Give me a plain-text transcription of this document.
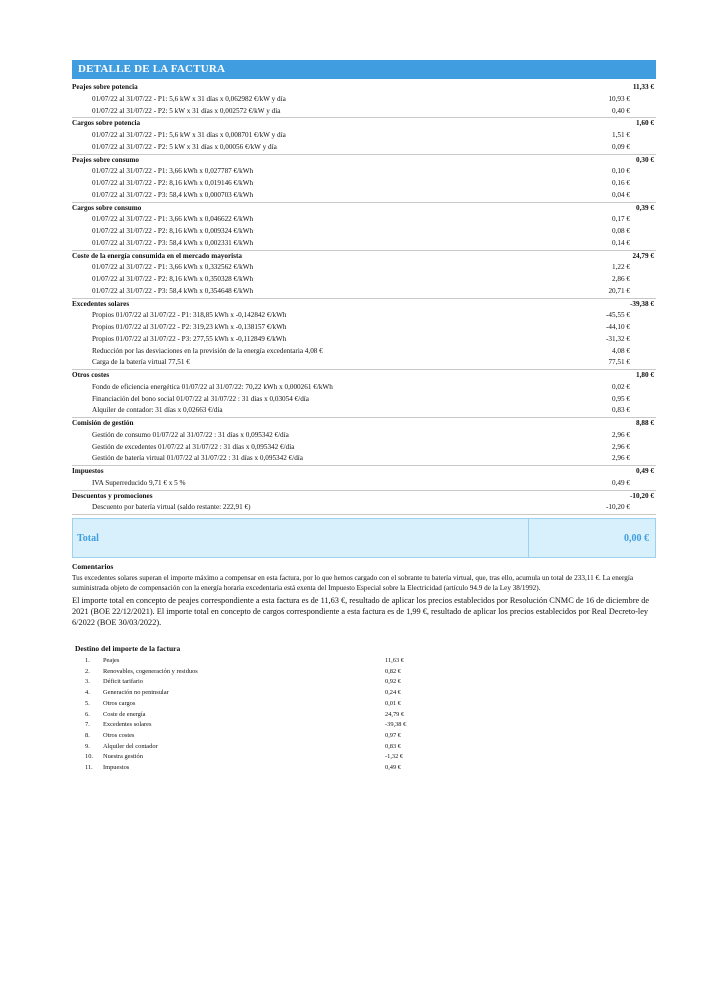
DETALLE DE LA FACTURA
Peajes sobre potencia	11,33 €
01/07/22 al 31/07/22 - P1: 5,6 kW x 31 días x 0,062982 €/kW y día	10,93 €
01/07/22 al 31/07/22 - P2: 5 kW x 31 días x 0,002572 €/kW y día	0,40 €
Cargos sobre potencia	1,60 €
01/07/22 al 31/07/22 - P1: 5,6 kW x 31 días x 0,008701 €/kW y día	1,51 €
01/07/22 al 31/07/22 - P2: 5 kW x 31 días x 0,00056 €/kW y día	0,09 €
Peajes sobre consumo	0,30 €
01/07/22 al 31/07/22 - P1: 3,66 kWh x 0,027787 €/kWh	0,10 €
01/07/22 al 31/07/22 - P2: 8,16 kWh x 0,019146 €/kWh	0,16 €
01/07/22 al 31/07/22 - P3: 58,4 kWh x 0,000703 €/kWh	0,04 €
Cargos sobre consumo	0,39 €
01/07/22 al 31/07/22 - P1: 3,66 kWh x 0,046622 €/kWh	0,17 €
01/07/22 al 31/07/22 - P2: 8,16 kWh x 0,009324 €/kWh	0,08 €
01/07/22 al 31/07/22 - P3: 58,4 kWh x 0,002331 €/kWh	0,14 €
Coste de la energía consumida en el mercado mayorista	24,79 €
01/07/22 al 31/07/22 - P1: 3,66 kWh x 0,332562 €/kWh	1,22 €
01/07/22 al 31/07/22 - P2: 8,16 kWh x 0,350328 €/kWh	2,86 €
01/07/22 al 31/07/22 - P3: 58,4 kWh x 0,354648 €/kWh	20,71 €
Excedentes solares	-39,38 €
Propios 01/07/22 al 31/07/22 - P1: 318,85 kWh x -0,142842 €/kWh	-45,55 €
Propios 01/07/22 al 31/07/22 - P2: 319,23 kWh x -0,138157 €/kWh	-44,10 €
Propios 01/07/22 al 31/07/22 - P3: 277,55 kWh x -0,112849 €/kWh	-31,32 €
Reducción por las desviaciones en la previsión de la energía excedentaria 4,08 €	4,08 €
Carga de la batería virtual 77,51 €	77,51 €
Otros costes	1,80 €
Fondo de eficiencia energética 01/07/22 al 31/07/22: 70,22 kWh x 0,000261 €/kWh	0,02 €
Financiación del bono social 01/07/22 al 31/07/22 : 31 días x 0,03054 €/día	0,95 €
Alquiler de contador: 31 días x 0,02663 €/día	0,83 €
Comisión de gestión	8,88 €
Gestión de consumo 01/07/22 al 31/07/22 : 31 días x 0,095342 €/día	2,96 €
Gestión de excedentes 01/07/22 al 31/07/22 : 31 días x 0,095342 €/día	2,96 €
Gestión de batería virtual 01/07/22 al 31/07/22 : 31 días x 0,095342 €/día	2,96 €
Impuestos	0,49 €
IVA Superreducido 9,71 € x 5 %	0,49 €
Descuentos y promociones	-10,20 €
Descuento por batería virtual (saldo restante: 222,91 €)	-10,20 €
Total	0,00 €
Comentarios

Tus excedentes solares superan el importe máximo a compensar en esta factura, por lo que hemos cargado con el sobrante tu batería virtual, que, tras ello, acumula un total de 233,11 €. La energía suministrada objeto de compensación con la energía horaria excedentaria está exenta del Impuesto Especial sobre la Electricidad (artículo 94.9 de la Ley 38/1992).

El importe total en concepto de peajes correspondiente a esta factura es de 11,63 €, resultado de aplicar los precios establecidos por Resolución CNMC de 16 de diciembre de 2021 (BOE 22/12/2021). El importe total en concepto de cargos correspondiente a esta factura es de 1,99 €, resultado de aplicar los precios establecidos por Real Decreto-ley 6/2022 (BOE 30/03/2022).

Destino del importe de la factura
1.	Peajes	11,63 €
2.	Renovables, cogeneración y residuos	0,82 €
3.	Déficit tarifario	0,92 €
4.	Generación no peninsular	0,24 €
5.	Otros cargos	0,01 €
6.	Coste de energía	24,79 €
7.	Excedentes solares	-39,38 €
8.	Otros costes	0,97 €
9.	Alquiler del contador	0,83 €
10.	Nuestra gestión	-1,32 €
11.	Impuestos	0,49 €
